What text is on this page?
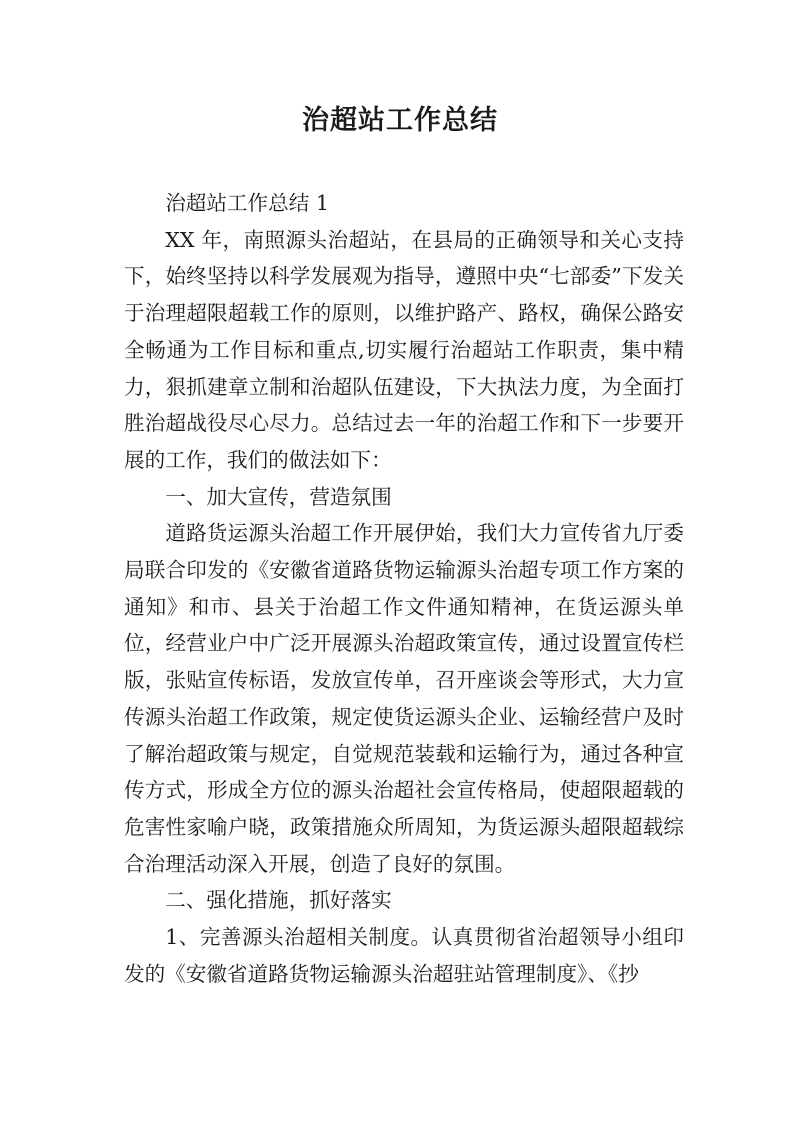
治超站工作总结

治超站工作总结 1

XX 年，南照源头治超站，在县局的正确领导和关心支持下，始终坚持以科学发展观为指导，遵照中央“七部委”下发关于治理超限超载工作的原则，以维护路产、路权，确保公路安全畅通为工作目标和重点,切实履行治超站工作职责，集中精力，狠抓建章立制和治超队伍建设，下大执法力度，为全面打胜治超战役尽心尽力。总结过去一年的治超工作和下一步要开展的工作，我们的做法如下：

一、加大宣传，营造氛围

道路货运源头治超工作开展伊始，我们大力宣传省九厅委局联合印发的《安徽省道路货物运输源头治超专项工作方案的通知》和市、县关于治超工作文件通知精神，在货运源头单位，经营业户中广泛开展源头治超政策宣传，通过设置宣传栏版，张贴宣传标语，发放宣传单，召开座谈会等形式，大力宣传源头治超工作政策，规定使货运源头企业、运输经营户及时了解治超政策与规定，自觉规范装载和运输行为，通过各种宣传方式，形成全方位的源头治超社会宣传格局，使超限超载的危害性家喻户晓，政策措施众所周知，为货运源头超限超载综合治理活动深入开展，创造了良好的氛围。

二、强化措施，抓好落实

1、完善源头治超相关制度。认真贯彻省治超领导小组印发的《安徽省道路货物运输源头治超驻站管理制度》、《抄
